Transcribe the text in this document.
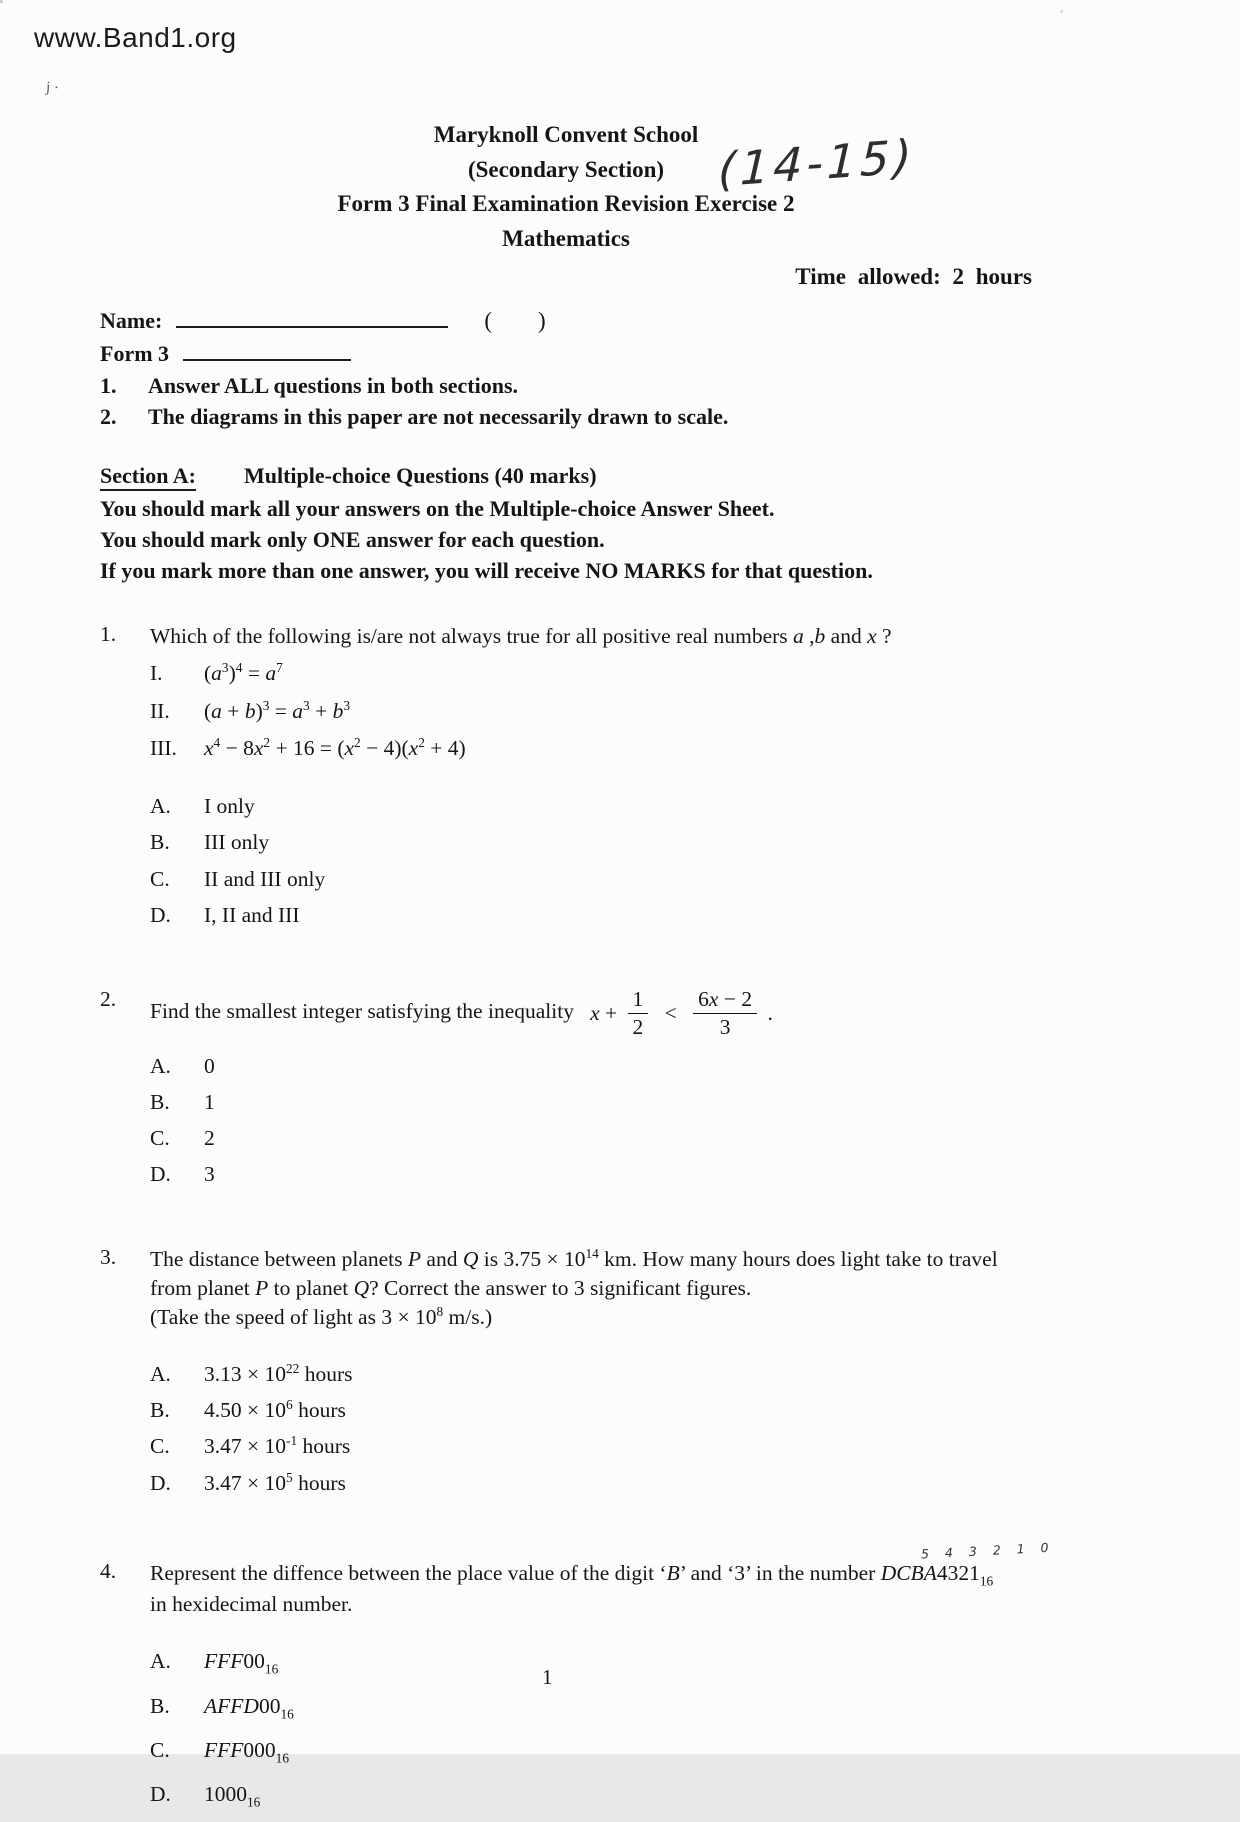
j ·
www.Band1.org
(14-15)
Maryknoll Convent School
(Secondary Section)
Form 3 Final Examination Revision Exercise 2
Mathematics
Time allowed: 2 hours
Name:	(        )
Form 3
1.	Answer ALL questions in both sections.
2.	The diagrams in this paper are not necessarily drawn to scale.
Section A: Multiple-choice Questions (40 marks)
You should mark all your answers on the Multiple-choice Answer Sheet.
You should mark only ONE answer for each question.
If you mark more than one answer, you will receive NO MARKS for that question.
1.	Which of the following is/are not always true for all positive real numbers a ,b and x ?
I.	$(a^3)^4 = a^7$
II.	$(a + b)^3 = a^3 + b^3$
III.	$x^4 - 8x^2 + 16 = (x^2 - 4)(x^2 + 4)$
A.	I only
B.	III only
C.	II and III only
D.	I, II and III
2.
Find the smallest integer satisfying the inequality $x + \frac{1}{2} < \frac{6x - 2}{3}$ .
A.	0
B.	1
C.	2
D.	3
3.	The distance between planets P and Q is $3.75 \times 10^{14}$ km. How many hours does light take to travel from planet P to planet Q? Correct the answer to 3 significant figures.
(Take the speed of light as $3 \times 10^8$ m/s.)
A.	$3.13 \times 10^{22}$ hours
B.	$4.50 \times 10^6$ hours
C.	$3.47 \times 10^{-1}$ hours
D.	$3.47 \times 10^5$ hours
4.	Represent the diffence between the place value of the digit ‘B’ and ‘3’ in the number
5 4 3 2 1 0
$DCBA4321_{16}$
in hexidecimal number.
A.	$FFF00_{16}$
B.	$AFFD00_{16}$
C.	$FFF000_{16}$
D.	$1000_{16}$
1
